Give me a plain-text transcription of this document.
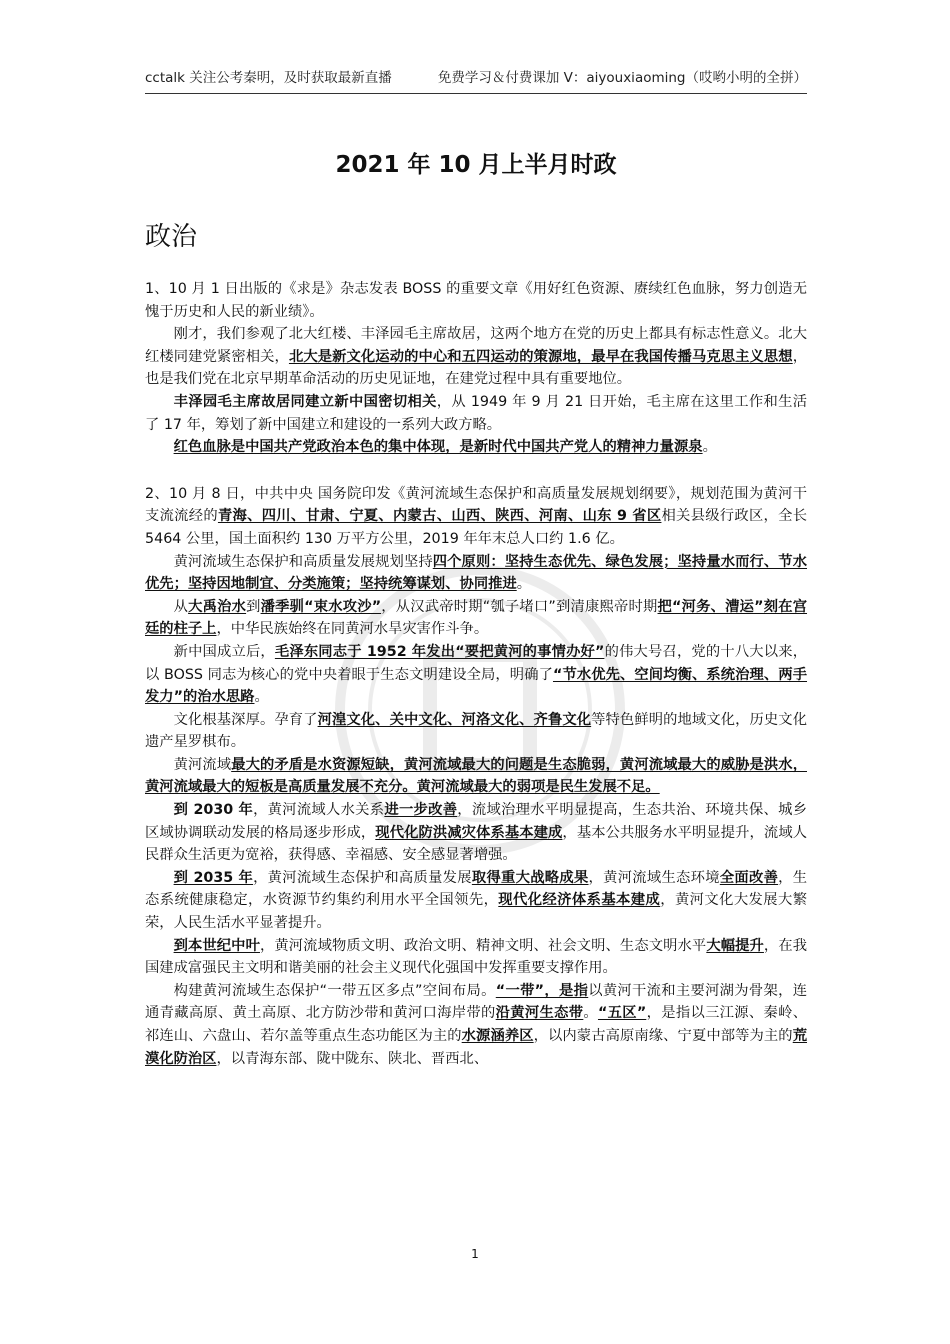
cctalk 关注公考秦明，及时获取最新直播	免费学习＆付费课加 V：aiyouxiaoming（哎哟小明的全拼）
2021 年 10 月上半月时政
政治

1、10 月 1 日出版的《求是》杂志发表 BOSS 的重要文章《用好红色资源、赓续红色血脉，努力创造无愧于历史和人民的新业绩》。

刚才，我们参观了北大红楼、丰泽园毛主席故居，这两个地方在党的历史上都具有标志性意义。北大红楼同建党紧密相关，北大是新文化运动的中心和五四运动的策源地，最早在我国传播马克思主义思想，也是我们党在北京早期革命活动的历史见证地，在建党过程中具有重要地位。

丰泽园毛主席故居同建立新中国密切相关，从 1949 年 9 月 21 日开始，毛主席在这里工作和生活了 17 年，筹划了新中国建立和建设的一系列大政方略。

红色血脉是中国共产党政治本色的集中体现，是新时代中国共产党人的精神力量源泉。

2、10 月 8 日，中共中央 国务院印发《黄河流域生态保护和高质量发展规划纲要》，规划范围为黄河干支流流经的青海、四川、甘肃、宁夏、内蒙古、山西、陕西、河南、山东 9 省区相关县级行政区，全长 5464 公里，国土面积约 130 万平方公里，2019 年年末总人口约 1.6 亿。

黄河流域生态保护和高质量发展规划坚持四个原则：坚持生态优先、绿色发展；坚持量水而行、节水优先；坚持因地制宜、分类施策；坚持统筹谋划、协同推进。

从大禹治水到潘季驯“束水攻沙”，从汉武帝时期“瓠子堵口”到清康熙帝时期把“河务、漕运”刻在宫廷的柱子上，中华民族始终在同黄河水旱灾害作斗争。

新中国成立后，毛泽东同志于 1952 年发出“要把黄河的事情办好”的伟大号召，党的十八大以来，以 BOSS 同志为核心的党中央着眼于生态文明建设全局，明确了“节水优先、空间均衡、系统治理、两手发力”的治水思路。

文化根基深厚。孕育了河湟文化、关中文化、河洛文化、齐鲁文化等特色鲜明的地域文化，历史文化遗产星罗棋布。

黄河流域最大的矛盾是水资源短缺，黄河流域最大的问题是生态脆弱，黄河流域最大的威胁是洪水，黄河流域最大的短板是高质量发展不充分。黄河流域最大的弱项是民生发展不足。

到 2030 年，黄河流域人水关系进一步改善，流域治理水平明显提高，生态共治、环境共保、城乡区域协调联动发展的格局逐步形成，现代化防洪减灾体系基本建成，基本公共服务水平明显提升，流域人民群众生活更为宽裕，获得感、幸福感、安全感显著增强。

到 2035 年，黄河流域生态保护和高质量发展取得重大战略成果，黄河流域生态环境全面改善，生态系统健康稳定，水资源节约集约利用水平全国领先，现代化经济体系基本建成，黄河文化大发展大繁荣，人民生活水平显著提升。

到本世纪中叶，黄河流域物质文明、政治文明、精神文明、社会文明、生态文明水平大幅提升，在我国建成富强民主文明和谐美丽的社会主义现代化强国中发挥重要支撑作用。

构建黄河流域生态保护“一带五区多点”空间布局。“一带”，是指以黄河干流和主要河湖为骨架，连通青藏高原、黄土高原、北方防沙带和黄河口海岸带的沿黄河生态带。“五区”，是指以三江源、秦岭、祁连山、六盘山、若尔盖等重点生态功能区为主的水源涵养区，以内蒙古高原南缘、宁夏中部等为主的荒漠化防治区，以青海东部、陇中陇东、陕北、晋西北、

1
